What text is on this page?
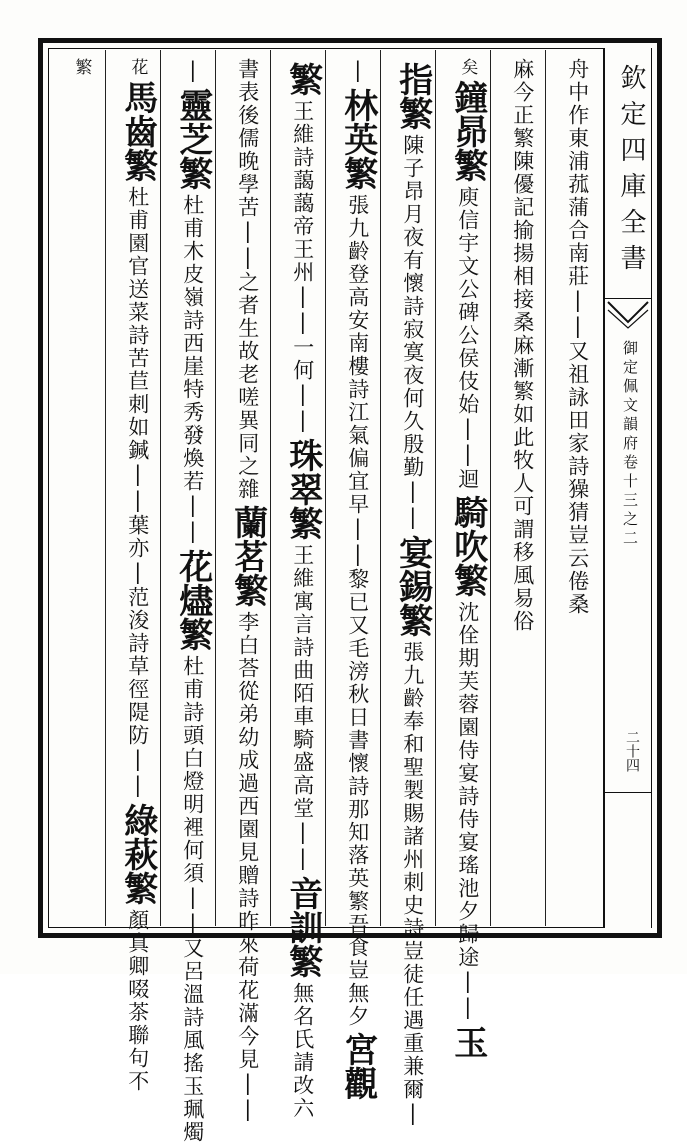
欽定四庫全書
御定佩文韻府卷十三之二
二十四
舟中作東浦菰蒲合南莊||又祖詠田家詩𤢖猜豈云倦桑
麻今正繁陳優記揄揚相接桑麻漸繁如此牧人可謂移風易俗
矣
鐘昴繁
庾信宇文公碑公侯伎始||迴
騎吹繁
沈佺期芙蓉園侍宴詩侍宴瑤池夕歸途||
玉
指繁
陳子昂月夜有懷詩寂寞夜何久殷勤||
宴錫繁
張九齡奉和聖製賜諸州刺史詩豈徒任遇重兼爾|
|
林英繁
張九齡登高安南樓詩江氣偏宜早||黎已又毛滂秋日書懷詩那知落英繁吾食豈無夕
宮觀
繁
王維詩藹藹帝王州||一何||
珠翠繁
王維寓言詩曲陌車騎盛高堂||
音訓繁
無名氏請改六
書表後儒晚學苦||之者生故老嗟異同之雜
蘭茗繁
李白荅從弟幼成過西園見贈詩昨來荷花滿今見||
|
靈芝繁
杜甫木皮嶺詩西崖特秀發煥若||
花燼繁
杜甫詩頭白燈明裡何須||又呂溫詩風搖玉珮燭
花
馬齒繁
杜甫園官送菜詩苦苣刺如鍼||葉亦|范浚詩草徑隄防||
綠萩繁
顏真卿啜茶聯句不
繁
